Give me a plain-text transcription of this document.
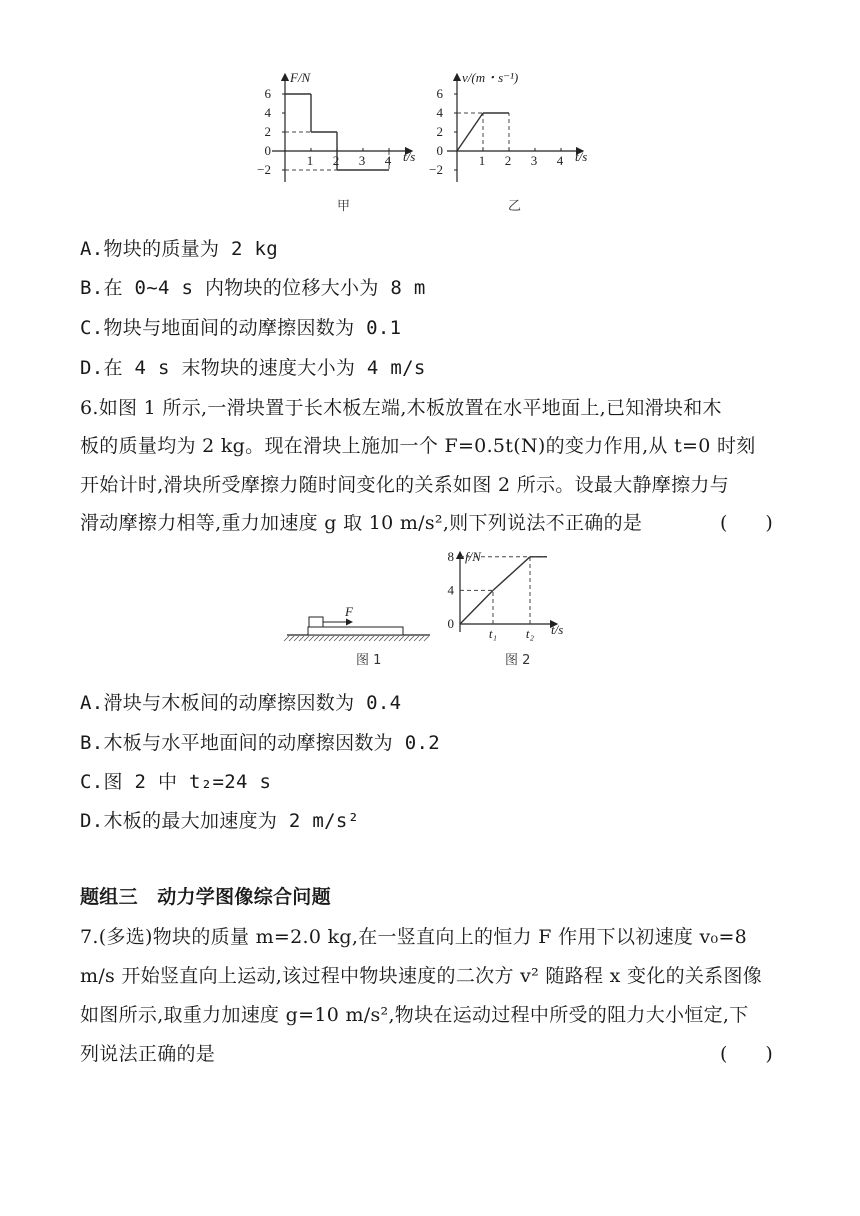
F/N
t/s
6
4
2
0
−2
1 2 3 4
甲
v/(m・s⁻¹)
t/s
6
4
2
0
−2
1 2 3 4
乙
A.物块的质量为 2 kg
B.在 0~4 s 内物块的位移大小为 8 m
C.物块与地面间的动摩擦因数为 0.1
D.在 4 s 末物块的速度大小为 4 m/s
6.如图 1 所示,一滑块置于长木板左端,木板放置在水平地面上,已知滑块和木
板的质量均为 2 kg。现在滑块上施加一个 F=0.5t(N)的变力作用,从 t=0 时刻
开始计时,滑块所受摩擦力随时间变化的关系如图 2 所示。设最大静摩擦力与
滑动摩擦力相等,重力加速度 g 取 10 m/s²,则下列说法不正确的是	(　　)
F
图 1
f/N
t/s
8
4
0
t₁ t₂
图 2
A.滑块与木板间的动摩擦因数为 0.4
B.木板与水平地面间的动摩擦因数为 0.2
C.图 2 中 t₂=24 s
D.木板的最大加速度为 2 m/s²
题组三　动力学图像综合问题
7.(多选)物块的质量 m=2.0 kg,在一竖直向上的恒力 F 作用下以初速度 v₀=8
m/s 开始竖直向上运动,该过程中物块速度的二次方 v² 随路程 x 变化的关系图像
如图所示,取重力加速度 g=10 m/s²,物块在运动过程中所受的阻力大小恒定,下
列说法正确的是	(　　)
